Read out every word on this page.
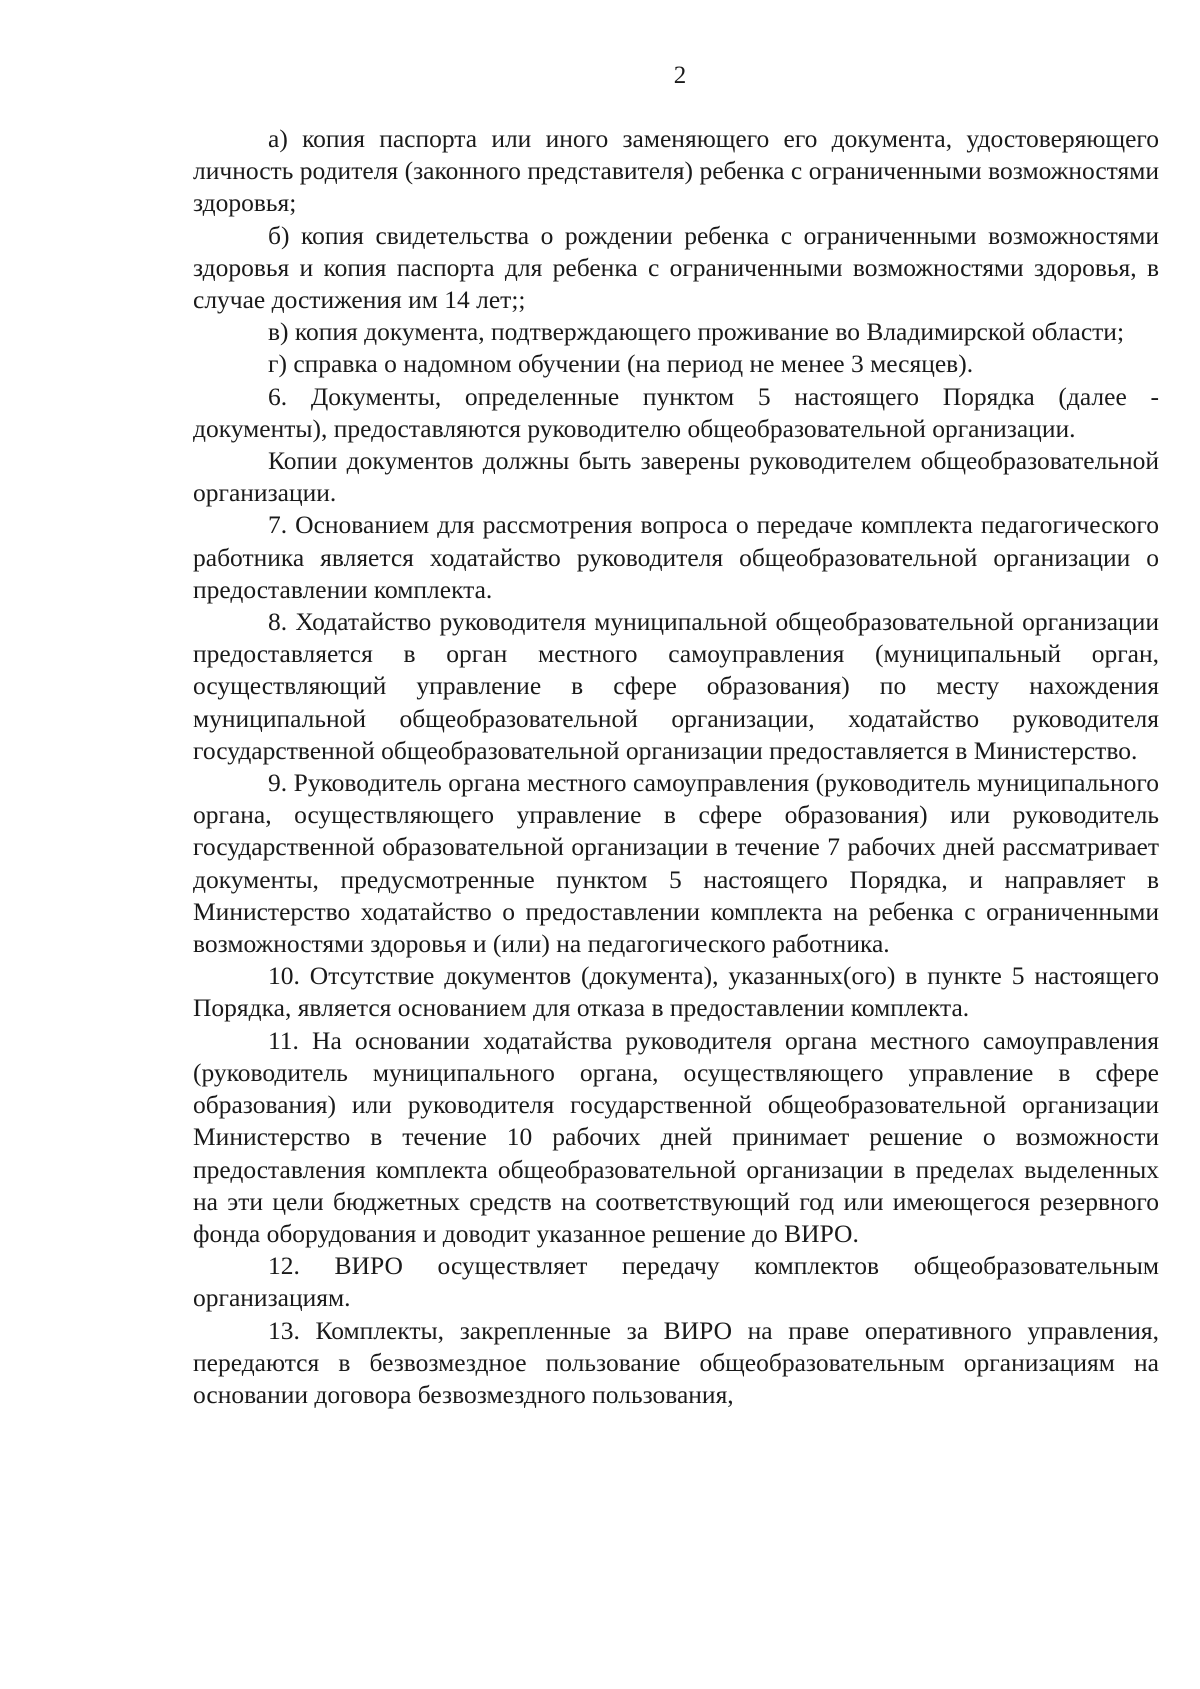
2

а) копия паспорта или иного заменяющего его документа, удостоверяющего личность родителя (законного представителя) ребенка с ограниченными возможностями здоровья;

б) копия свидетельства о рождении ребенка с ограниченными возможностями здоровья и копия паспорта для ребенка с ограниченными возможностями здоровья, в случае достижения им 14 лет;;

в) копия документа, подтверждающего проживание во Владимирской области;

г) справка о надомном обучении (на период не менее 3 месяцев).

6. Документы, определенные пунктом 5 настоящего Порядка (далее - документы), предоставляются руководителю общеобразовательной организации.

Копии документов должны быть заверены руководителем общеобразовательной организации.

7. Основанием для рассмотрения вопроса о передаче комплекта педагогического работника является ходатайство руководителя общеобразовательной организации о предоставлении комплекта.

8. Ходатайство руководителя муниципальной общеобразовательной организации предоставляется в орган местного самоуправления (муниципальный орган, осуществляющий управление в сфере образования) по месту нахождения муниципальной общеобразовательной организации, ходатайство руководителя государственной общеобразовательной организации предоставляется в Министерство.

9. Руководитель органа местного самоуправления (руководитель муниципального органа, осуществляющего управление в сфере образования) или руководитель государственной образовательной организации в течение 7 рабочих дней рассматривает документы, предусмотренные пунктом 5 настоящего Порядка, и направляет в Министерство ходатайство о предоставлении комплекта на ребенка с ограниченными возможностями здоровья и (или) на педагогического работника.

10. Отсутствие документов (документа), указанных(ого) в пункте 5 настоящего Порядка, является основанием для отказа в предоставлении комплекта.

11. На основании ходатайства руководителя органа местного самоуправления (руководитель муниципального органа, осуществляющего управление в сфере образования) или руководителя государственной общеобразовательной организации Министерство в течение 10 рабочих дней принимает решение о возможности предоставления комплекта общеобразовательной организации в пределах выделенных на эти цели бюджетных средств на соответствующий год или имеющегося резервного фонда оборудования и доводит указанное решение до ВИРО.

12. ВИРО осуществляет передачу комплектов общеобразовательным организациям.

13. Комплекты, закрепленные за ВИРО на праве оперативного управления, передаются в безвозмездное пользование общеобразовательным организациям на основании договора безвозмездного пользования,
